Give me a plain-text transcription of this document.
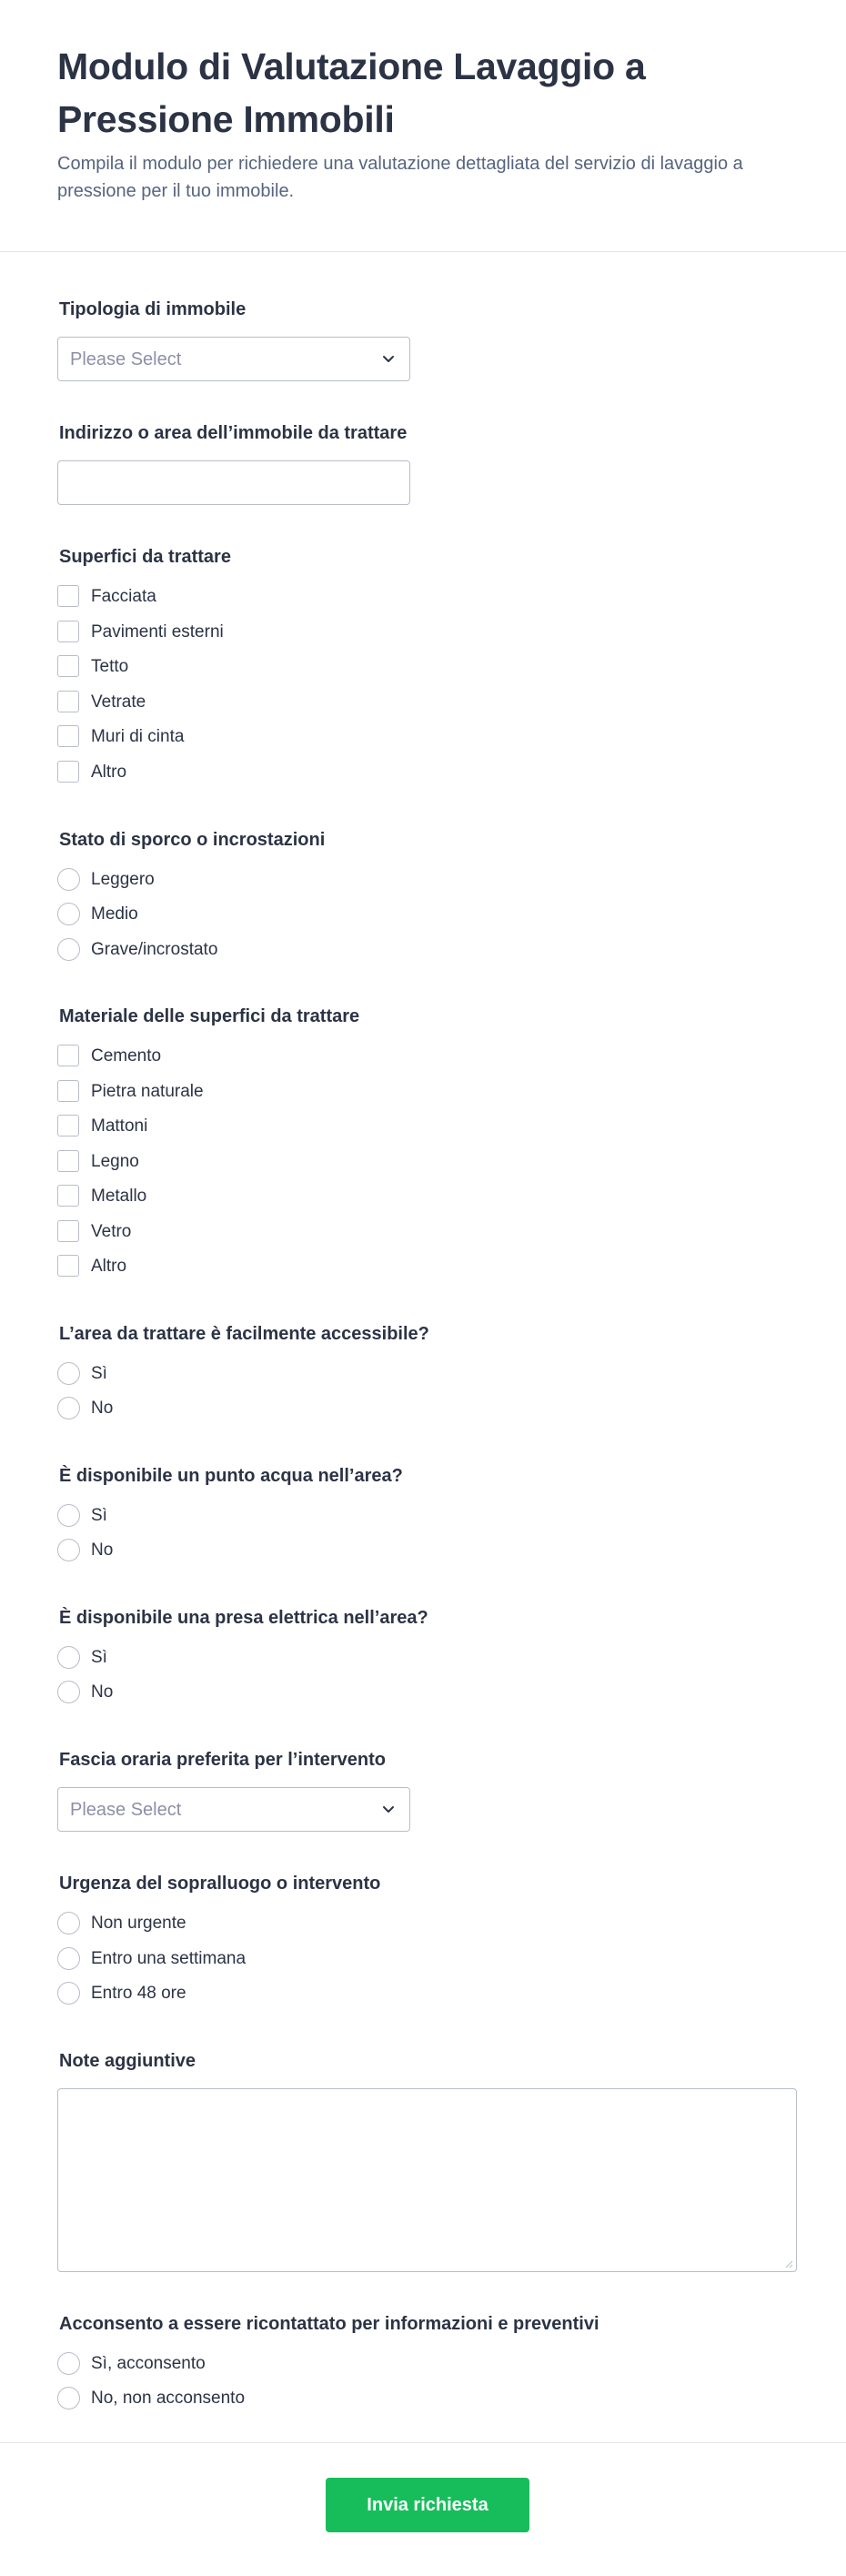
Modulo di Valutazione Lavaggio a Pressione Immobili

Compila il modulo per richiedere una valutazione dettagliata del servizio di lavaggio a pressione per il tuo immobile.

Tipologia di immobile
Please Select
Indirizzo o area dell’immobile da trattare
Superfici da trattare
Facciata
Pavimenti esterni
Tetto
Vetrate
Muri di cinta
Altro
Stato di sporco o incrostazioni
Leggero
Medio
Grave/incrostato
Materiale delle superfici da trattare
Cemento
Pietra naturale
Mattoni
Legno
Metallo
Vetro
Altro
L’area da trattare è facilmente accessibile?
Sì
No
È disponibile un punto acqua nell’area?
Sì
No
È disponibile una presa elettrica nell’area?
Sì
No
Fascia oraria preferita per l’intervento
Please Select
Urgenza del sopralluogo o intervento
Non urgente
Entro una settimana
Entro 48 ore
Note aggiuntive
Acconsento a essere ricontattato per informazioni e preventivi
Sì, acconsento
No, non acconsento
Invia richiesta
